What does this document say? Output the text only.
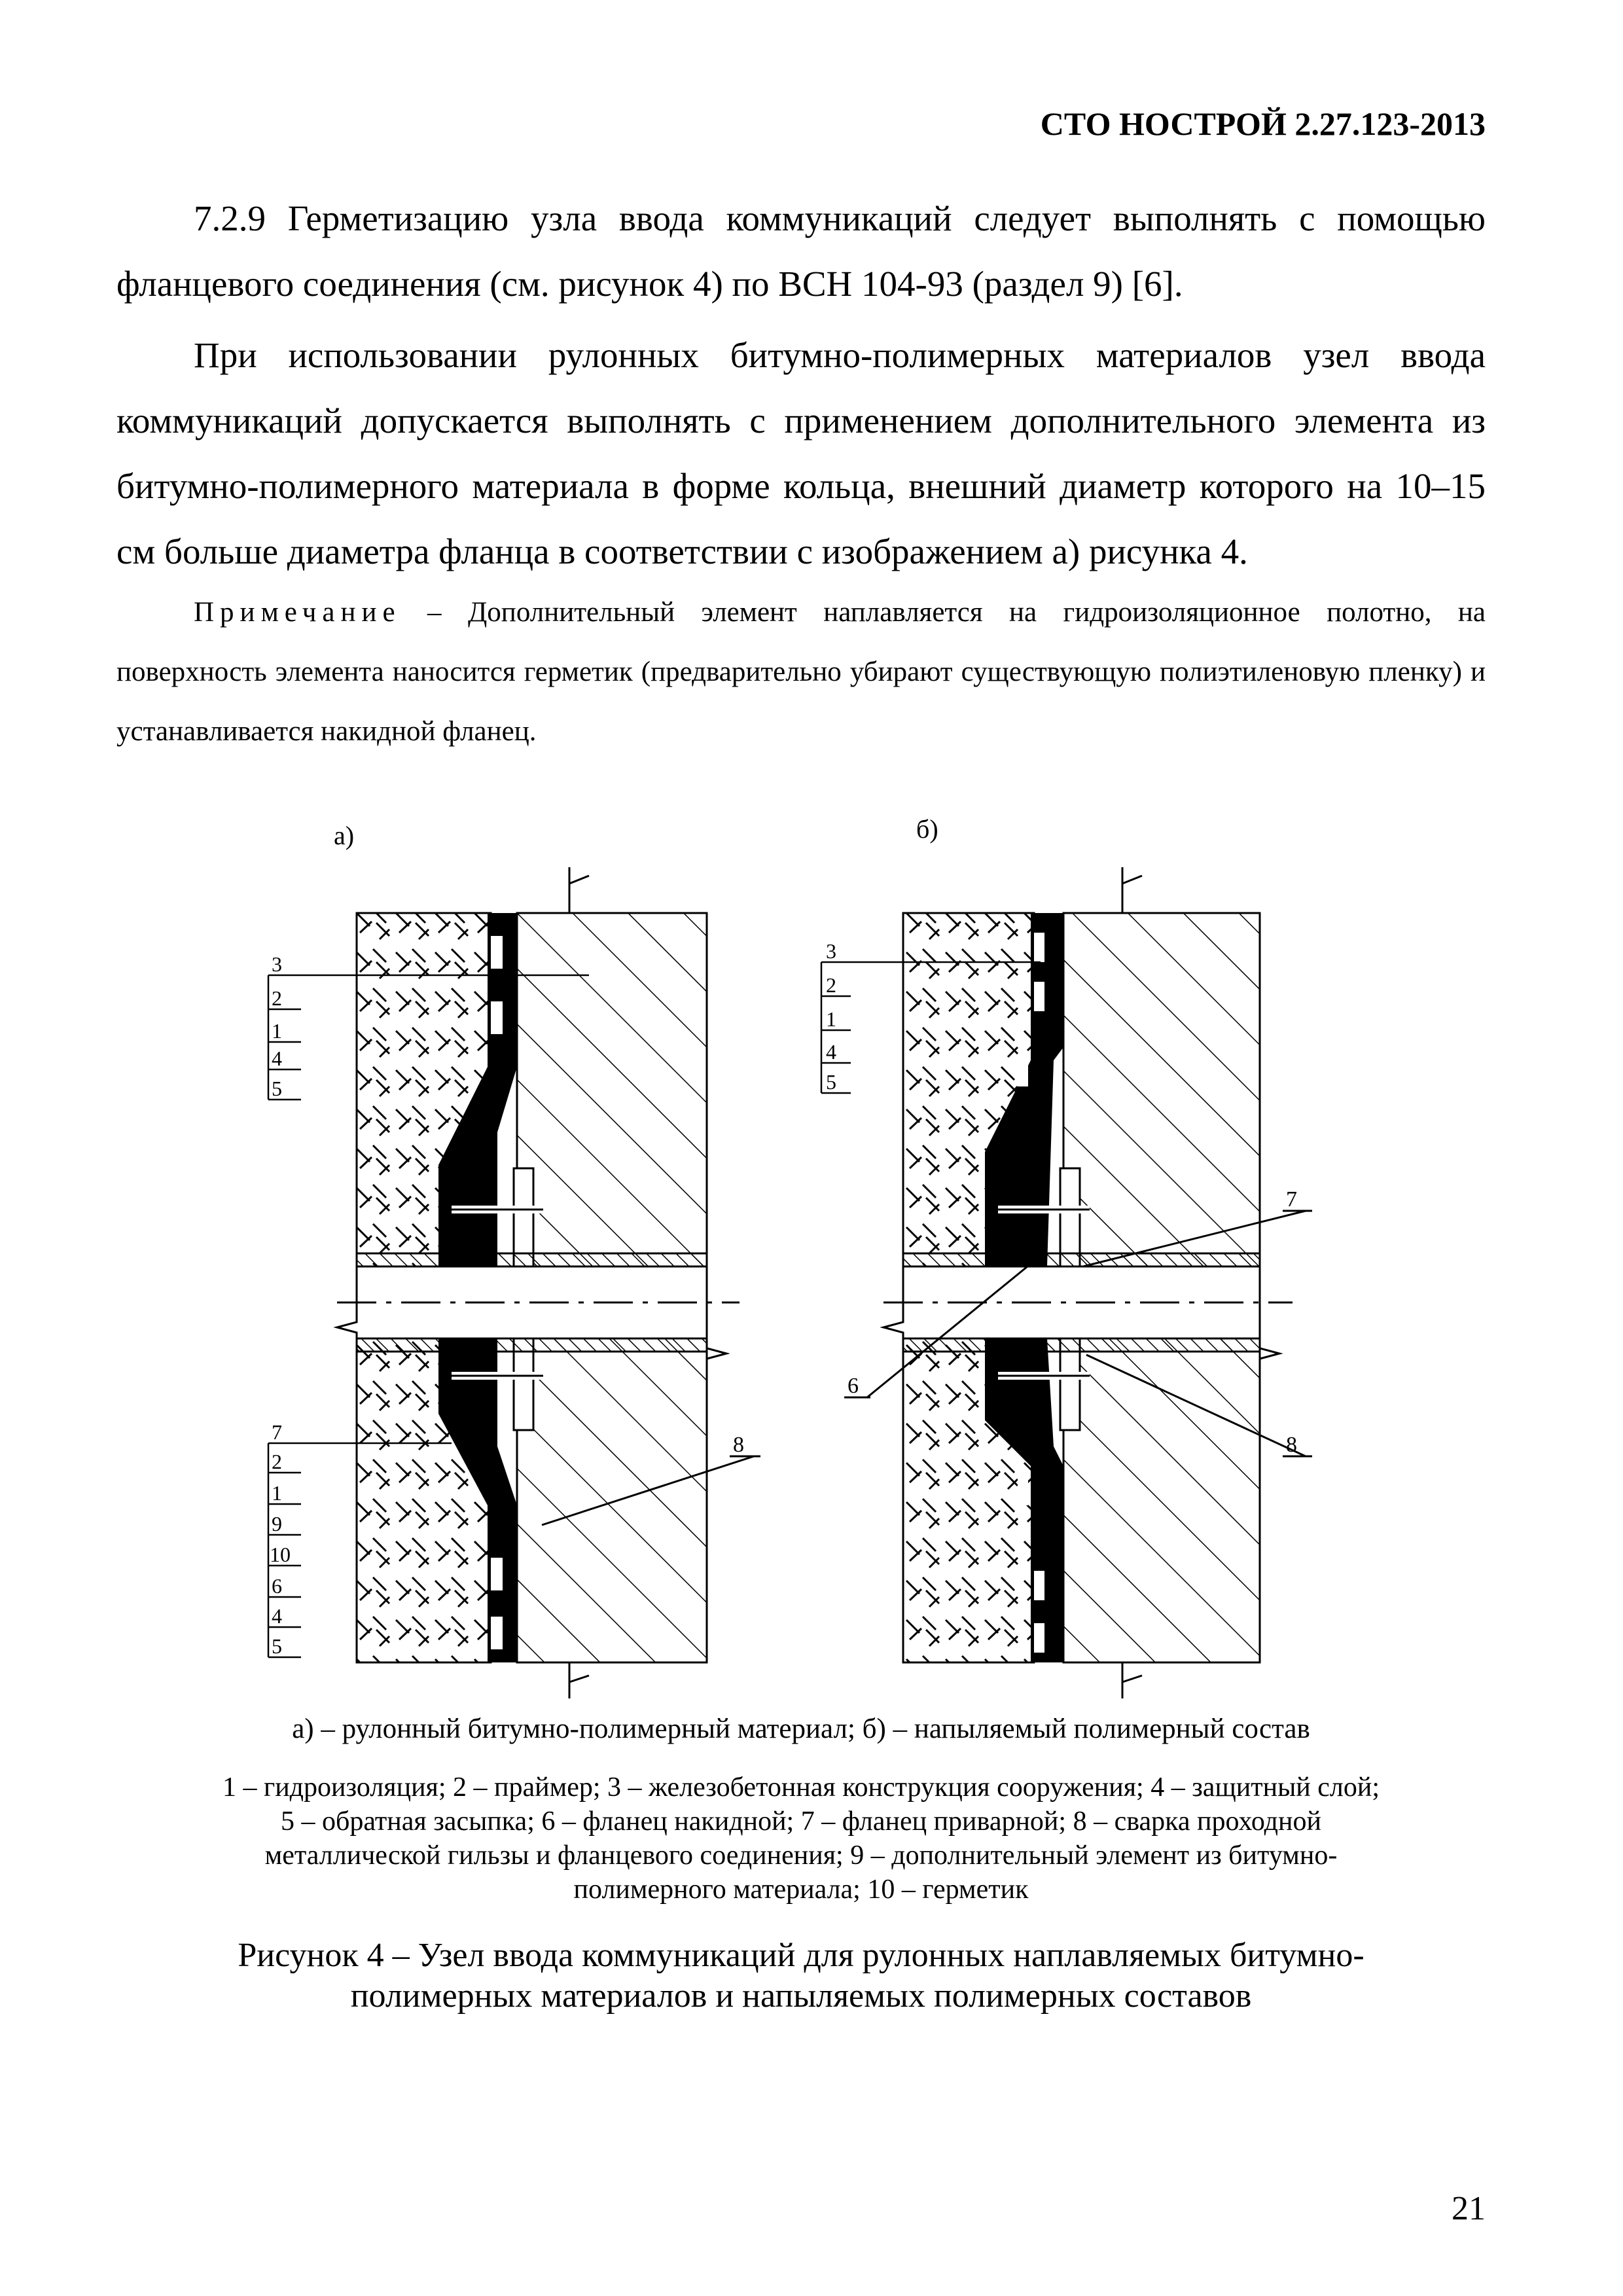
СТО НОСТРОЙ 2.27.123-2013

7.2.9 Герметизацию узла ввода коммуникаций следует выполнять с помощью фланцевого соединения (см. рисунок 4) по ВСН 104-93 (раздел 9) [6].

При использовании рулонных битумно-полимерных материалов узел ввода коммуникаций допускается выполнять с применением дополнительного элемента из битумно-полимерного материала в форме кольца, внешний диаметр которого на 10–15 см больше диаметра фланца в соответствии с изображением а) рисунка 4.

Примечание – Дополнительный элемент наплавляется на гидроизоляционное полотно, на поверхность элемента наносится герметик (предварительно убирают существующую полиэтиленовую пленку) и устанавливается накидной фланец.

а)	б)
8
3
2
1
4
5
7
2
1
9
10
6
4
5
7
8
6
3
2
1
4
5

а) – рулонный битумно-полимерный материал; б) – напыляемый полимерный состав

1 – гидроизоляция; 2 – праймер; 3 – железобетонная конструкция сооружения; 4 – защитный слой;
5 – обратная засыпка; 6 – фланец накидной; 7 – фланец приварной; 8 – сварка проходной
металлической гильзы и фланцевого соединения; 9 – дополнительный элемент из битумно-
полимерного материала; 10 – герметик
Рисунок 4 – Узел ввода коммуникаций для рулонных наплавляемых битумно-
полимерных материалов и напыляемых полимерных составов
21
